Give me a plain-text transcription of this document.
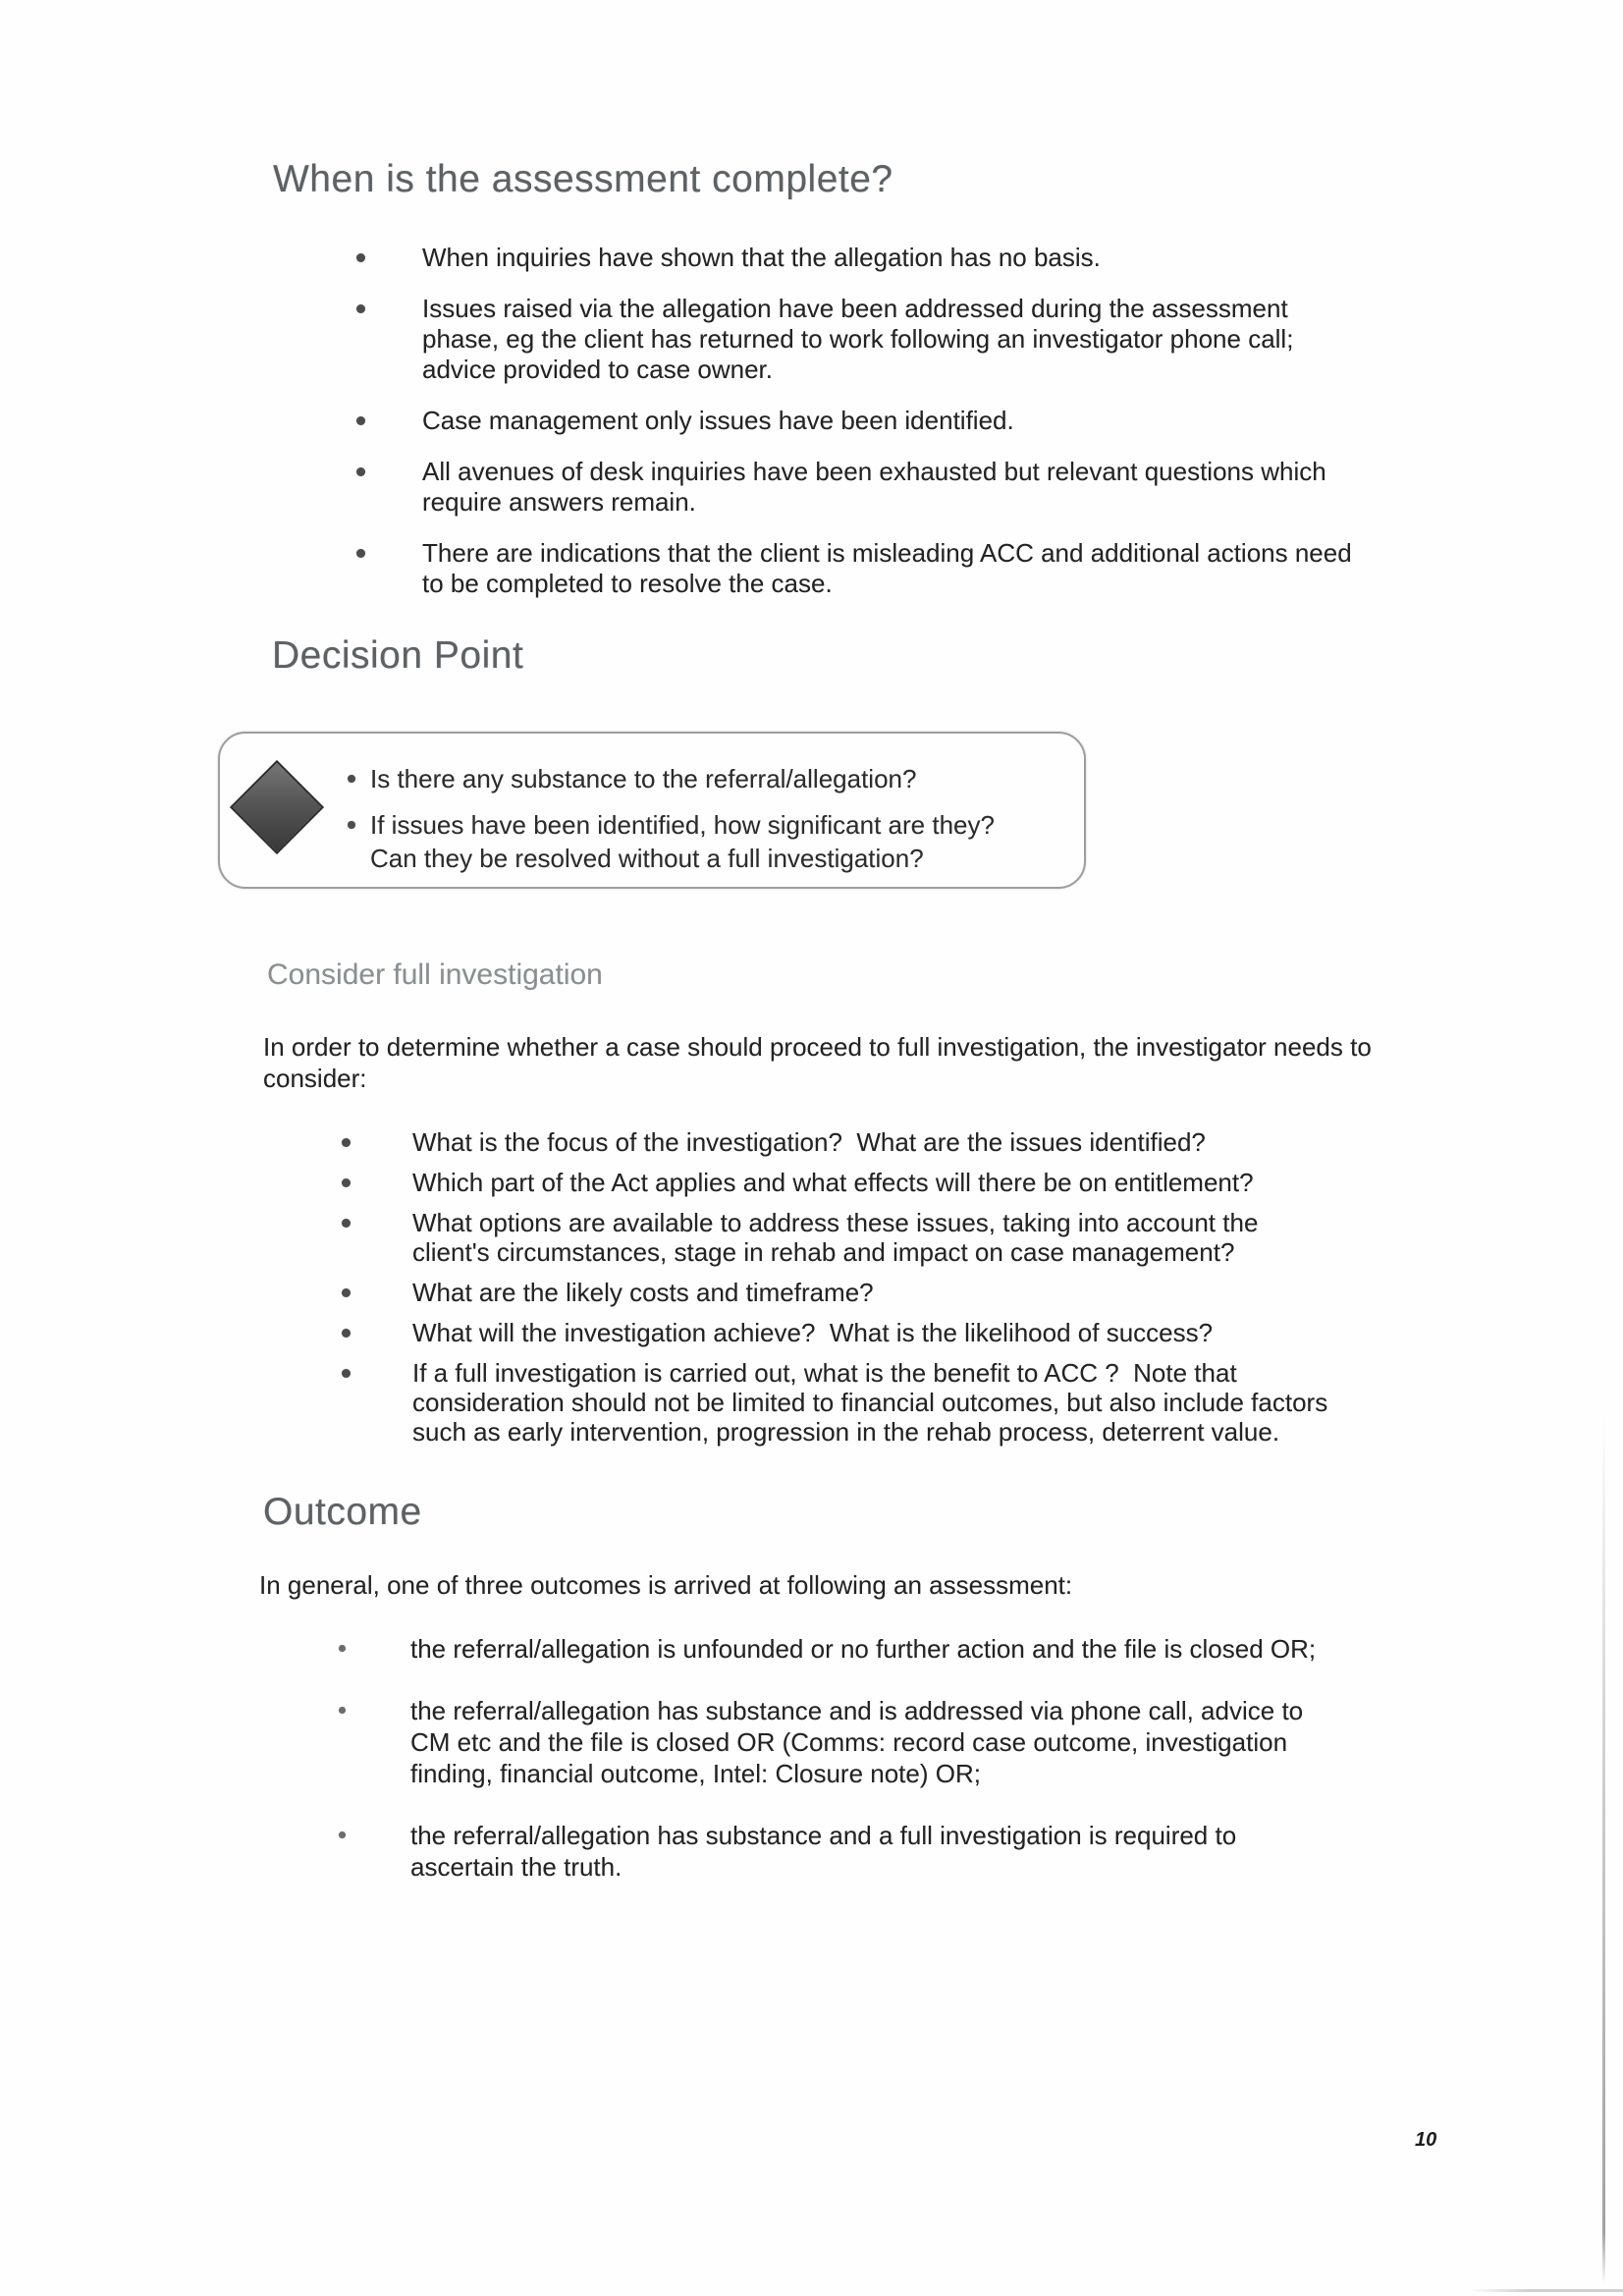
When is the assessment complete?
When inquiries have shown that the allegation has no basis.
Issues raised via the allegation have been addressed during the assessment phase, eg the client has returned to work following an investigator phone call; advice provided to case owner.
Case management only issues have been identified.
All avenues of desk inquiries have been exhausted but relevant questions which require answers remain.
There are indications that the client is misleading ACC and additional actions need to be completed to resolve the case.
Decision Point
Is there any substance to the referral/allegation?
If issues have been identified, how significant are they? Can they be resolved without a full investigation?
Consider full investigation

In order to determine whether a case should proceed to full investigation, the investigator needs to consider:

What is the focus of the investigation?  What are the issues identified?
Which part of the Act applies and what effects will there be on entitlement?
What options are available to address these issues, taking into account the client's circumstances, stage in rehab and impact on case management?
What are the likely costs and timeframe?
What will the investigation achieve?  What is the likelihood of success?
If a full investigation is carried out, what is the benefit to ACC ?  Note that consideration should not be limited to financial outcomes, but also include factors such as early intervention, progression in the rehab process, deterrent value.
Outcome

In general, one of three outcomes is arrived at following an assessment:

the referral/allegation is unfounded or no further action and the file is closed OR;
the referral/allegation has substance and is addressed via phone call, advice to CM etc and the file is closed OR (Comms: record case outcome, investigation finding, financial outcome, Intel: Closure note) OR;
the referral/allegation has substance and a full investigation is required to ascertain the truth.
10
